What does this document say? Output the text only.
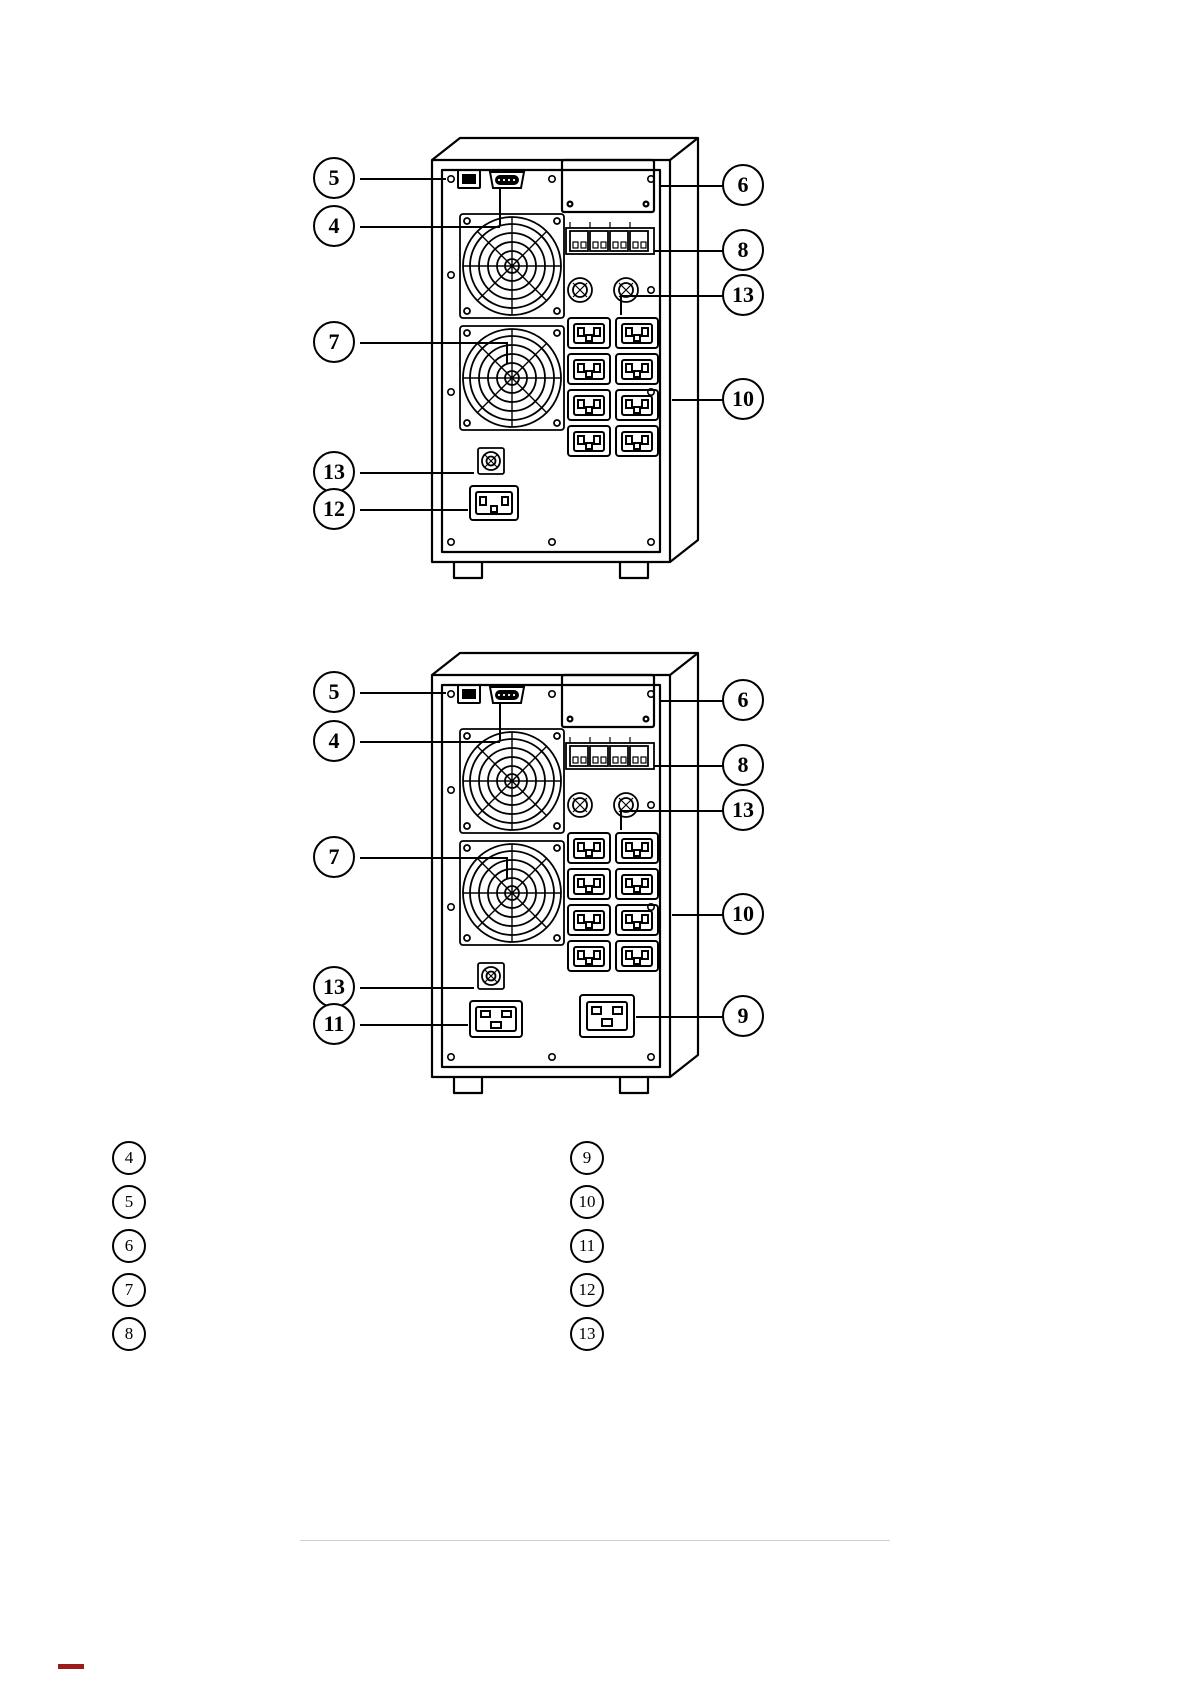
5
4
6
8
13
7
10
13
12
5
4
6
8
13
7
10
13
11	9
4
5
6
7
8
9
10
11
12
13
